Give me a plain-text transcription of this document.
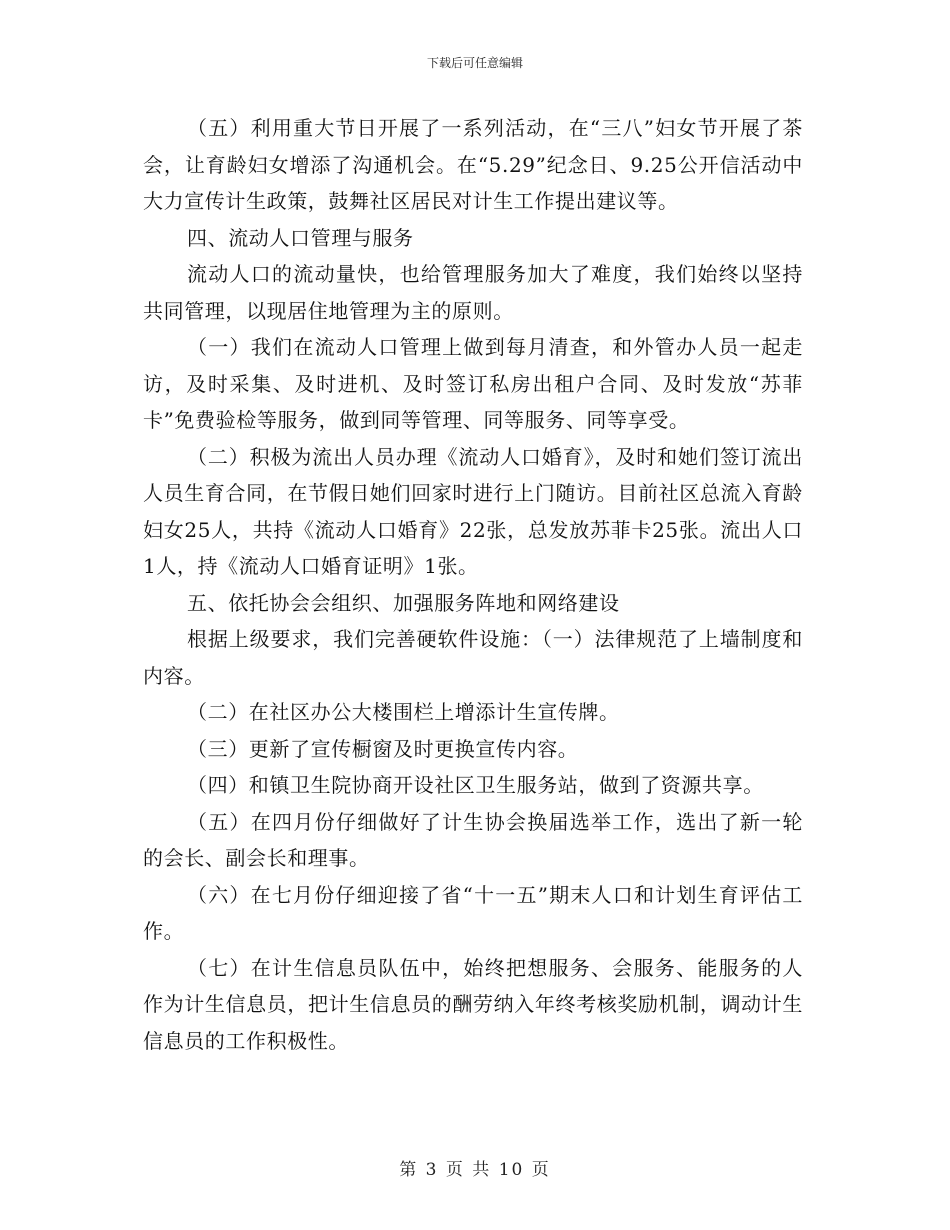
下载后可任意编辑

（五）利用重大节日开展了一系列活动，在“三八”妇女节开展了茶会，让育龄妇女增添了沟通机会。在“5.29”纪念日、9.25公开信活动中大力宣传计生政策，鼓舞社区居民对计生工作提出建议等。

四、流动人口管理与服务

流动人口的流动量快，也给管理服务加大了难度，我们始终以坚持共同管理，以现居住地管理为主的原则。

（一）我们在流动人口管理上做到每月清查，和外管办人员一起走访，及时采集、及时进机、及时签订私房出租户合同、及时发放“苏菲卡”免费验检等服务，做到同等管理、同等服务、同等享受。

（二）积极为流出人员办理《流动人口婚育》，及时和她们签订流出人员生育合同，在节假日她们回家时进行上门随访。目前社区总流入育龄妇女25人，共持《流动人口婚育》22张，总发放苏菲卡25张。流出人口1人，持《流动人口婚育证明》1张。

五、依托协会会组织、加强服务阵地和网络建设

根据上级要求，我们完善硬软件设施：（一）法律规范了上墙制度和内容。

（二）在社区办公大楼围栏上增添计生宣传牌。

（三）更新了宣传橱窗及时更换宣传内容。

（四）和镇卫生院协商开设社区卫生服务站，做到了资源共享。

（五）在四月份仔细做好了计生协会换届选举工作，选出了新一轮的会长、副会长和理事。

（六）在七月份仔细迎接了省“十一五”期末人口和计划生育评估工作。

（七）在计生信息员队伍中，始终把想服务、会服务、能服务的人作为计生信息员，把计生信息员的酬劳纳入年终考核奖励机制，调动计生信息员的工作积极性。

第 3 页 共 10 页
